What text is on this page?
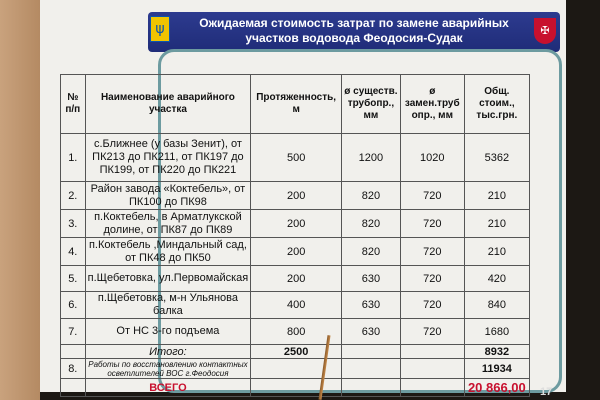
ψ	Ожидаемая стоимость затрат по замене аварийных участков водовода Феодосия-Судак
✠
№ п/п	Наименование аварийного участка	Протяженность, м	ø существ. трубопр., мм	ø замен.труб опр., мм	Общ. стоим., тыс.грн.
1.	с.Ближнее (у базы Зенит), от ПК213 до ПК211, от ПК197 до ПК199, от ПК220 до ПК221	500	1200	1020	5362
2.	Район завода «Коктебель», от ПК100 до ПК98	200	820	720	210
3.	п.Коктебель, в Арматлукской долине, от ПК87 до ПК89	200	820	720	210
4.	п.Коктебель ,Миндальный сад, от ПК48 до ПК50	200	820	720	210
5.	п.Щебетовка, ул.Первомайская	200	630	720	420
6.	п.Щебетовка, м-н Ульянова балка	400	630	720	840
7.	От НС 3-го подъема	800	630	720	1680
	Итого:	2500			8932
8.	Работы по восстановлению контактных осветлителей ВОС г.Феодосия				11934
	ВСЕГО				20 866,00 17
